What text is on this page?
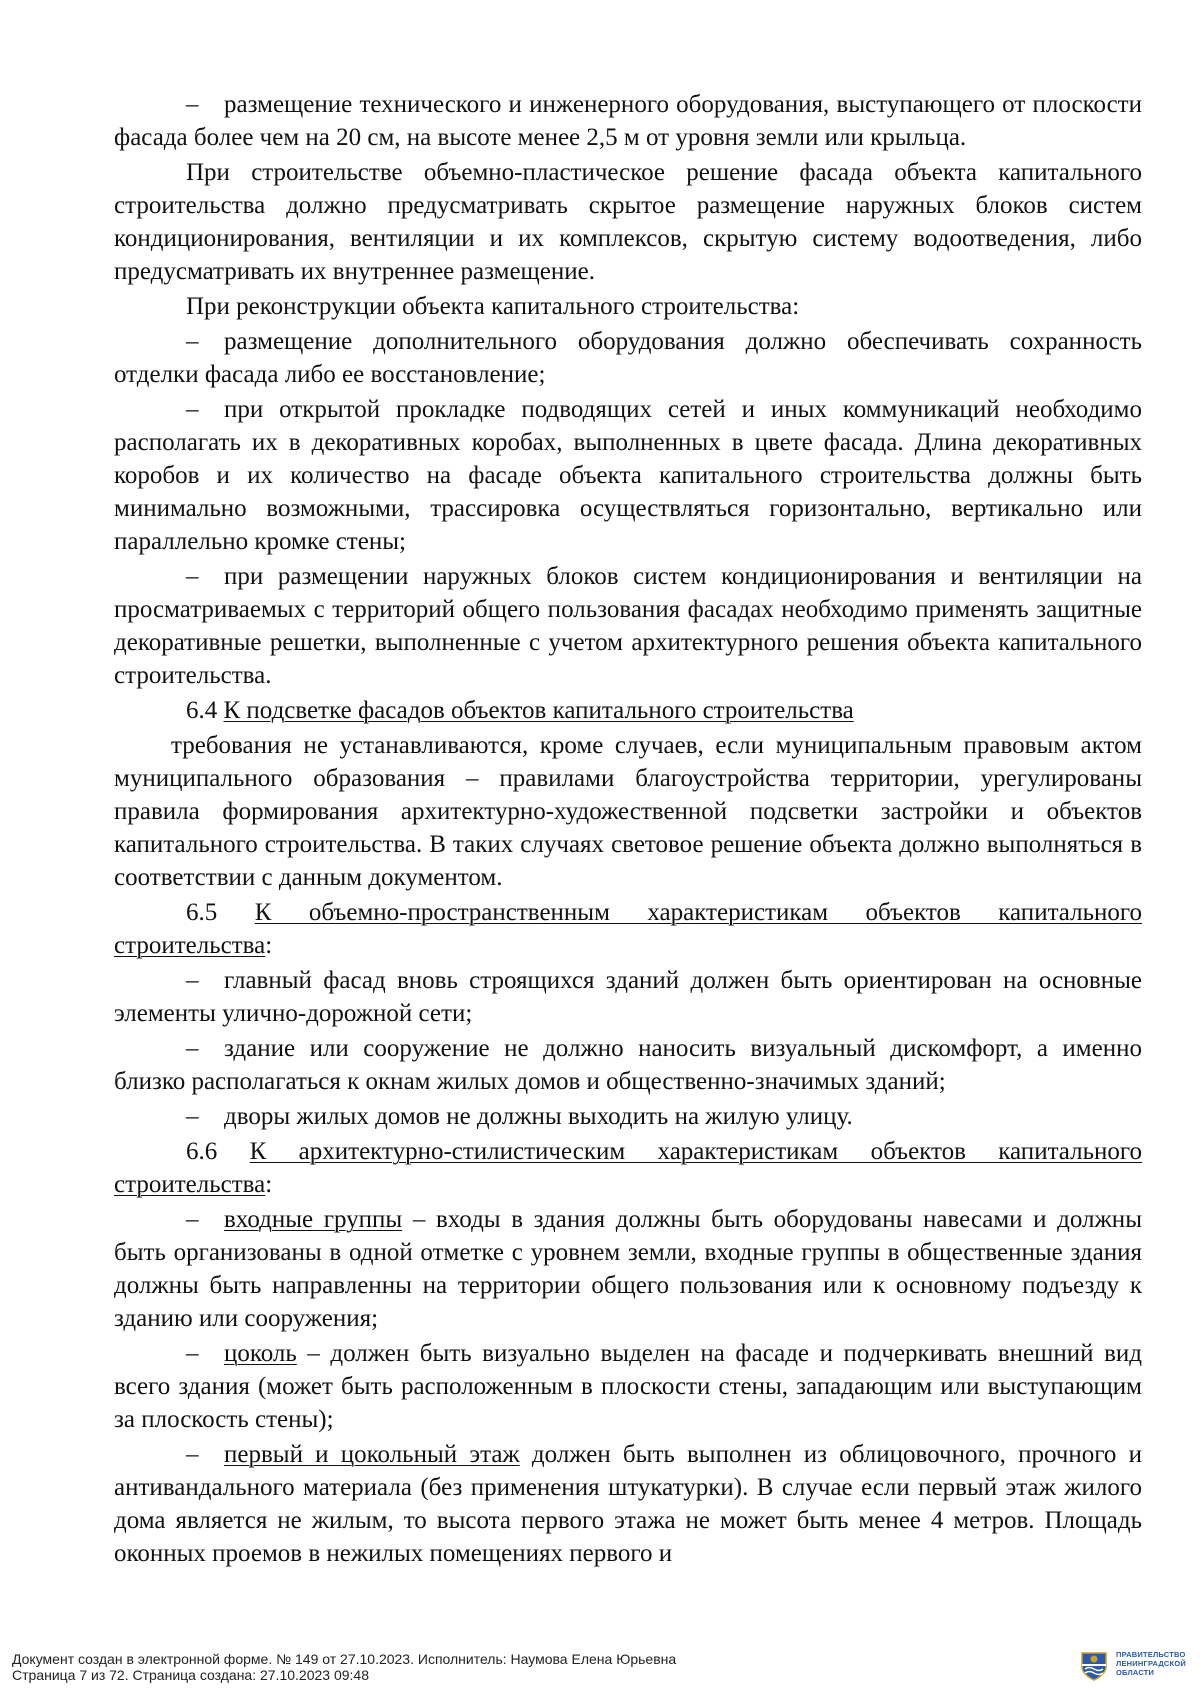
– размещение технического и инженерного оборудования, выступающего от плоскости фасада более чем на 20 см, на высоте менее 2,5 м от уровня земли или крыльца.
При строительстве объемно-пластическое решение фасада объекта капитального строительства должно предусматривать скрытое размещение наружных блоков систем кондиционирования, вентиляции и их комплексов, скрытую систему водоотведения, либо предусматривать их внутреннее размещение.
При реконструкции объекта капитального строительства:
– размещение дополнительного оборудования должно обеспечивать сохранность отделки фасада либо ее восстановление;
– при открытой прокладке подводящих сетей и иных коммуникаций необходимо располагать их в декоративных коробах, выполненных в цвете фасада. Длина декоративных коробов и их количество на фасаде объекта капитального строительства должны быть минимально возможными, трассировка осуществляться горизонтально, вертикально или параллельно кромке стены;
– при размещении наружных блоков систем кондиционирования и вентиляции на просматриваемых с территорий общего пользования фасадах необходимо применять защитные декоративные решетки, выполненные с учетом архитектурного решения объекта капитального строительства.
6.4 К подсветке фасадов объектов капитального строительства
требования не устанавливаются, кроме случаев, если муниципальным правовым актом муниципального образования – правилами благоустройства территории, урегулированы правила формирования архитектурно-художественной подсветки застройки и объектов капитального строительства. В таких случаях световое решение объекта должно выполняться в соответствии с данным документом.
6.5 К объемно-пространственным характеристикам объектов капитального строительства:
– главный фасад вновь строящихся зданий должен быть ориентирован на основные элементы улично-дорожной сети;
– здание или сооружение не должно наносить визуальный дискомфорт, а именно близко располагаться к окнам жилых домов и общественно-значимых зданий;
– дворы жилых домов не должны выходить на жилую улицу.
6.6 К архитектурно-стилистическим характеристикам объектов капитального строительства:
– входные группы – входы в здания должны быть оборудованы навесами и должны быть организованы в одной отметке с уровнем земли, входные группы в общественные здания должны быть направленны на территории общего пользования или к основному подъезду к зданию или сооружения;
– цоколь – должен быть визуально выделен на фасаде и подчеркивать внешний вид всего здания (может быть расположенным в плоскости стены, западающим или выступающим за плоскость стены);
– первый и цокольный этаж должен быть выполнен из облицовочного, прочного и антивандального материала (без применения штукатурки). В случае если первый этаж жилого дома является не жилым, то высота первого этажа не может быть менее 4 метров. Площадь оконных проемов в нежилых помещениях первого и
Документ создан в электронной форме. № 149 от 27.10.2023. Исполнитель: Наумова Елена Юрьевна
Страница 7 из 72. Страница создана: 27.10.2023 09:48
ПРАВИТЕЛЬСТВО ЛЕНИНГРАДСКОЙ ОБЛАСТИ
